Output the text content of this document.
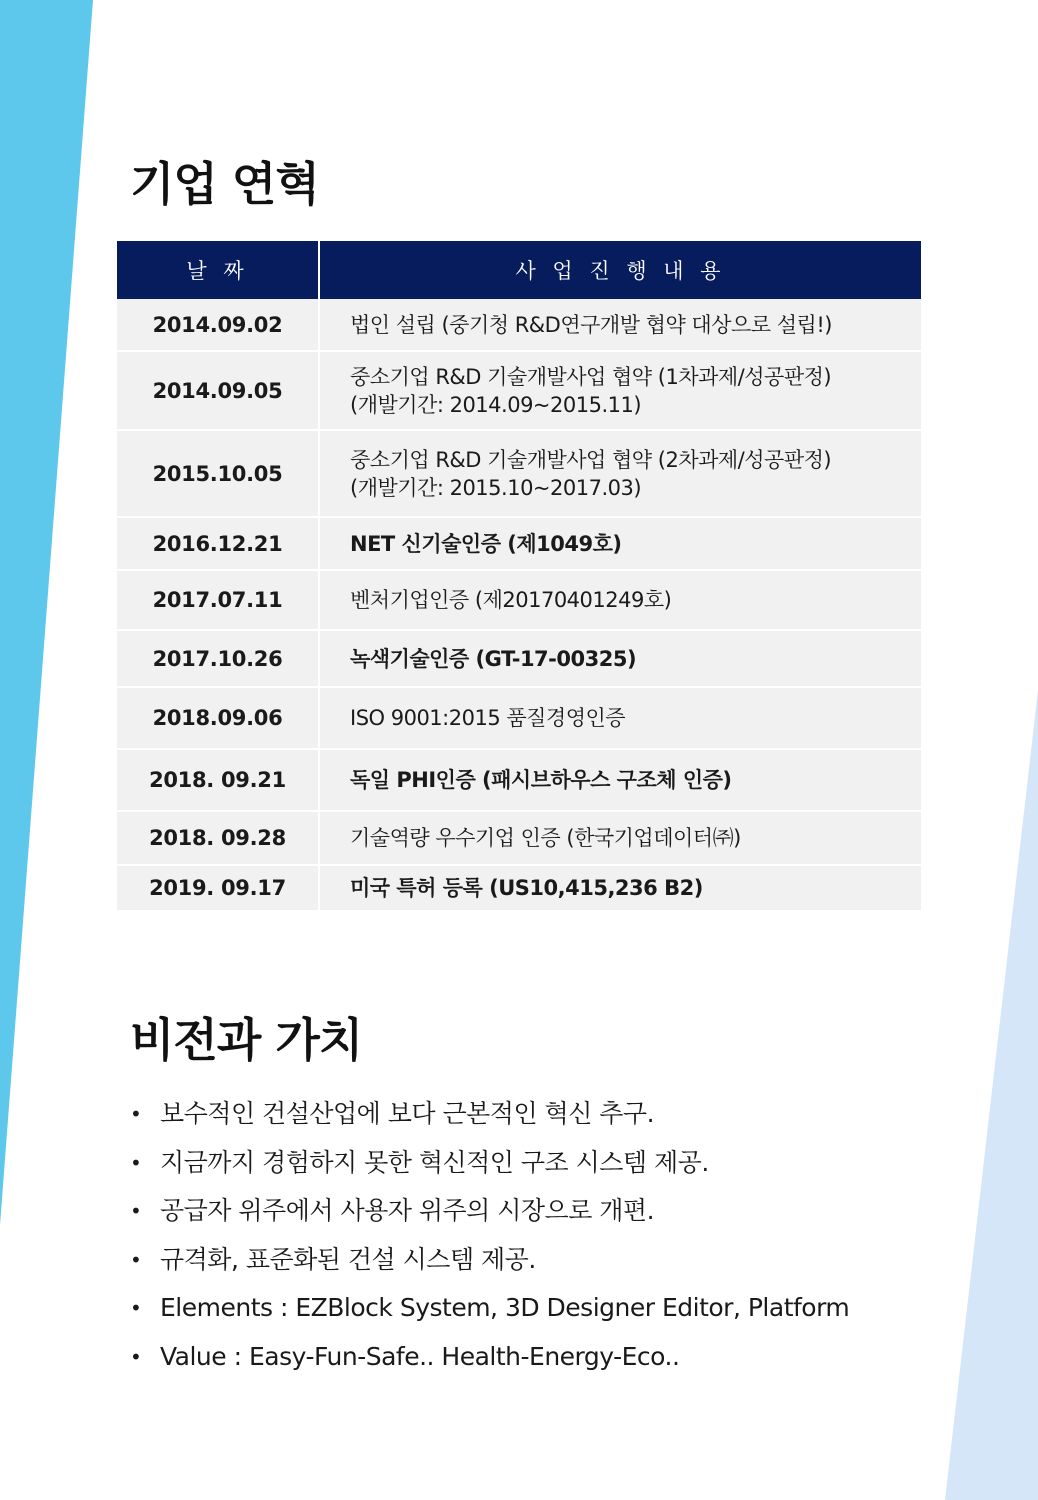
기업 연혁
날 짜	사 업 진 행 내 용
2014.09.02	법인 설립 (중기청 R&D연구개발 협약 대상으로 설립!)

2014.09.05	중소기업 R&D 기술개발사업 협약 (1차과제/성공판정)
(개발기간: 2014.09~2015.11)

2015.10.05	중소기업 R&D 기술개발사업 협약 (2차과제/성공판정)
(개발기간: 2015.10~2017.03)

2016.12.21	NET 신기술인증 (제1049호)

2017.07.11	벤처기업인증 (제20170401249호)

2017.10.26	녹색기술인증 (GT-17-00325)

2018.09.06	ISO 9001:2015 품질경영인증

2018. 09.21	독일 PHI인증 (패시브하우스 구조체 인증)

2018. 09.28	기술역량 우수기업 인증 (한국기업데이터㈜)

2019. 09.17	미국 특허 등록 (US10,415,236 B2)
비전과 가치
• 보수적인 건설산업에 보다 근본적인 혁신 추구.
• 지금까지 경험하지 못한 혁신적인 구조 시스템 제공.
• 공급자 위주에서 사용자 위주의 시장으로 개편.
• 규격화, 표준화된 건설 시스템 제공.
• Elements : EZBlock System, 3D Designer Editor, Platform
• Value : Easy-Fun-Safe.. Health-Energy-Eco..
